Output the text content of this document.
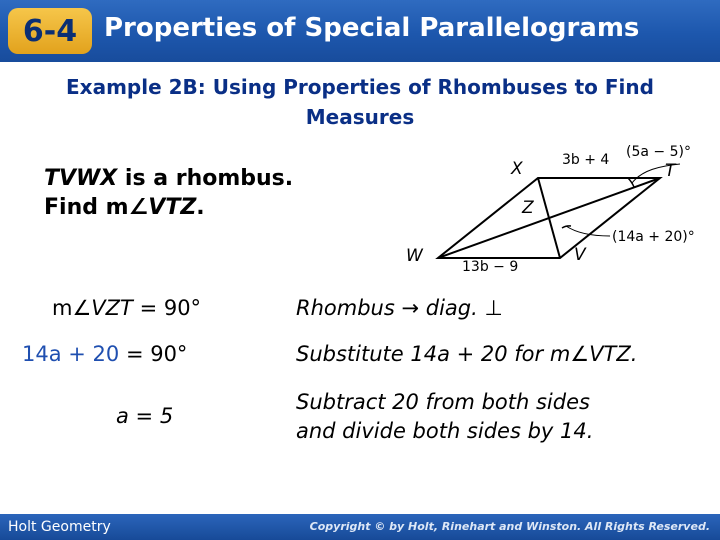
6-4	Properties of Special Parallelograms
Example 2B: Using Properties of Rhombuses to Find
Measures
TVWX is a rhombus.
Find m∠VTZ.
X	T
W	V
Z
3b + 4
13b − 9
(5a − 5)°
(14a + 20)°
m∠VZT = 90°	Rhombus → diag. ⊥
14a + 20 = 90°	Substitute 14a + 20 for m∠VTZ.
a = 5
Subtract 20 from both sides
and divide both sides by 14.
Holt Geometry	Copyright © by Holt, Rinehart and Winston. All Rights Reserved.
